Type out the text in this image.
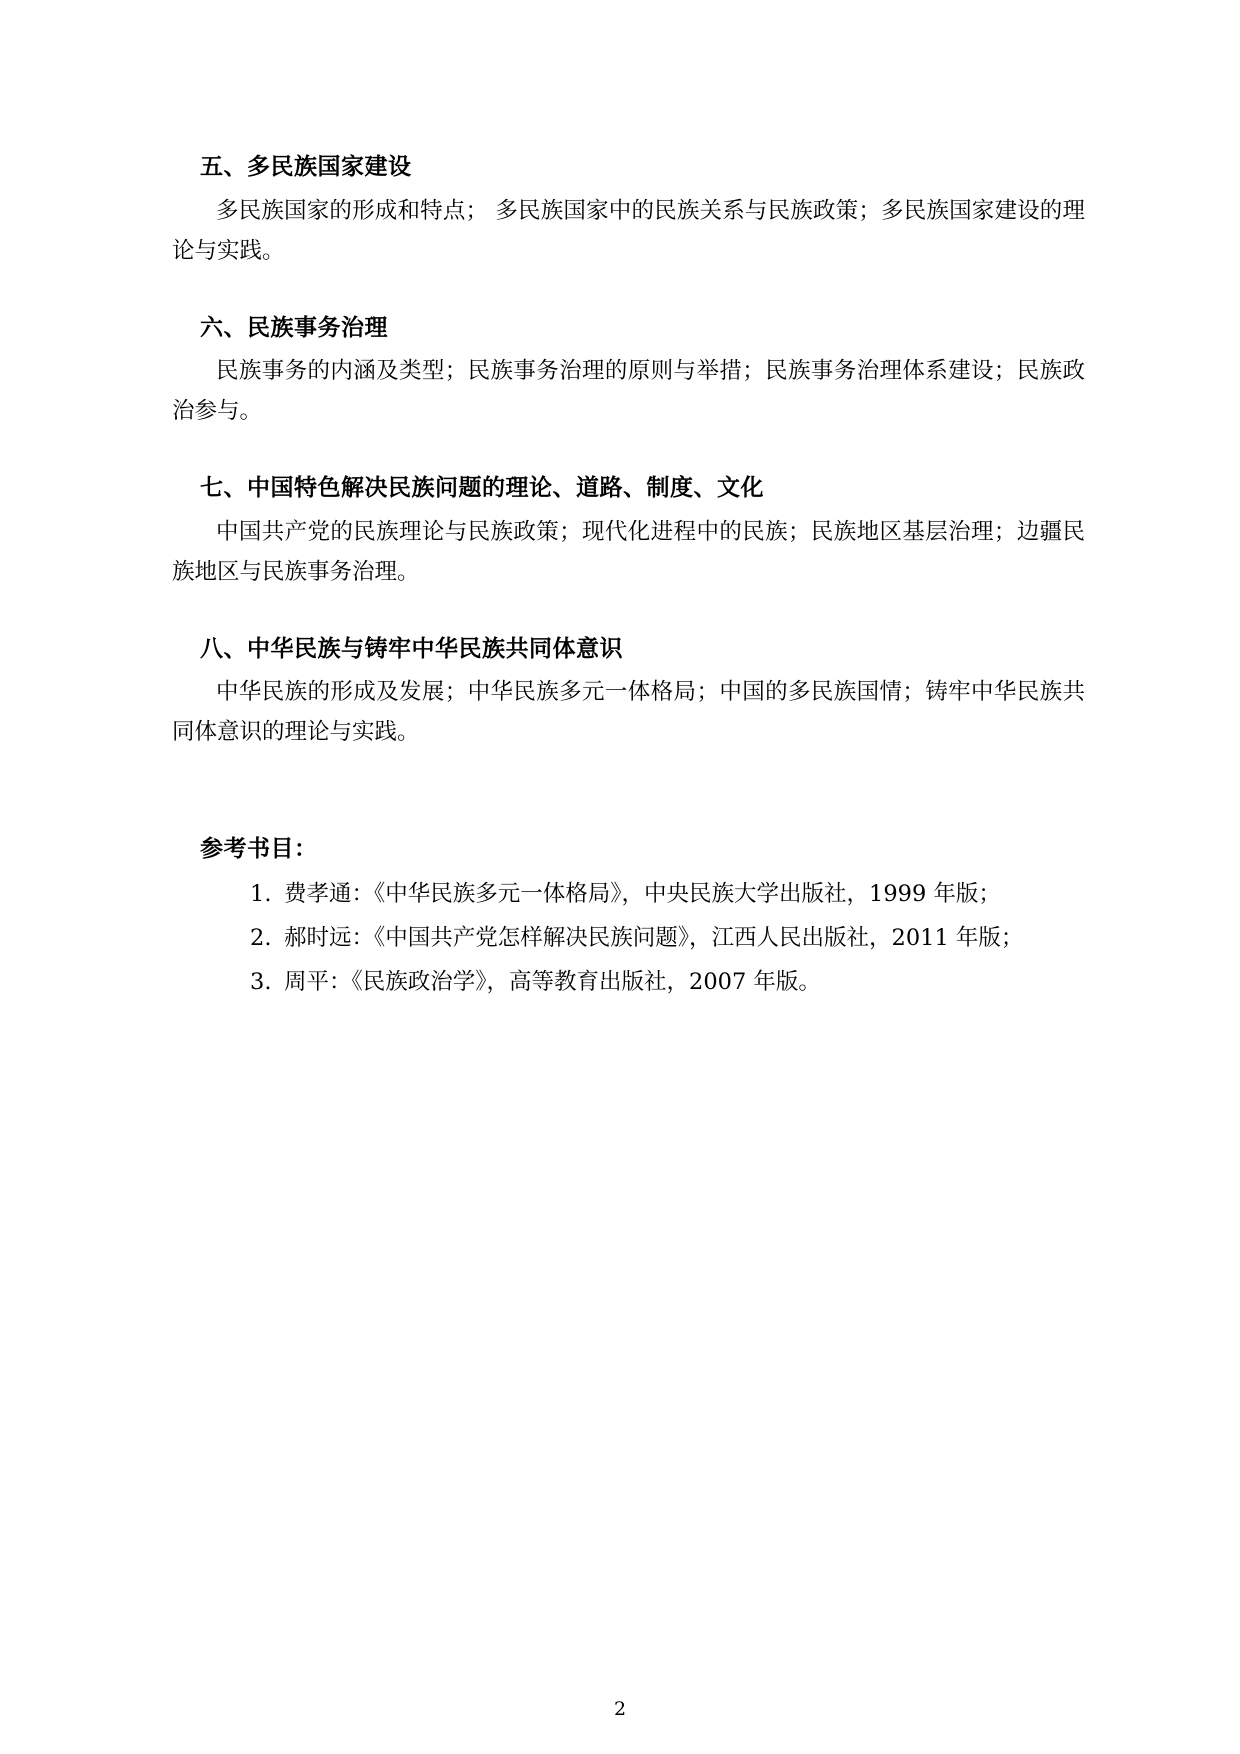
五、多民族国家建设

多民族国家的形成和特点； 多民族国家中的民族关系与民族政策；多民族国家建设的理论与实践。

六、民族事务治理

民族事务的内涵及类型；民族事务治理的原则与举措；民族事务治理体系建设；民族政治参与。

七、中国特色解决民族问题的理论、道路、制度、文化

中国共产党的民族理论与民族政策；现代化进程中的民族；民族地区基层治理；边疆民族地区与民族事务治理。

八、中华民族与铸牢中华民族共同体意识

中华民族的形成及发展；中华民族多元一体格局；中国的多民族国情；铸牢中华民族共同体意识的理论与实践。

参考书目：
1. 费孝通：《中华民族多元一体格局》，中央民族大学出版社，1999 年版；
2. 郝时远：《中国共产党怎样解决民族问题》，江西人民出版社，2011 年版；
3. 周平：《民族政治学》，高等教育出版社，2007 年版。
2
